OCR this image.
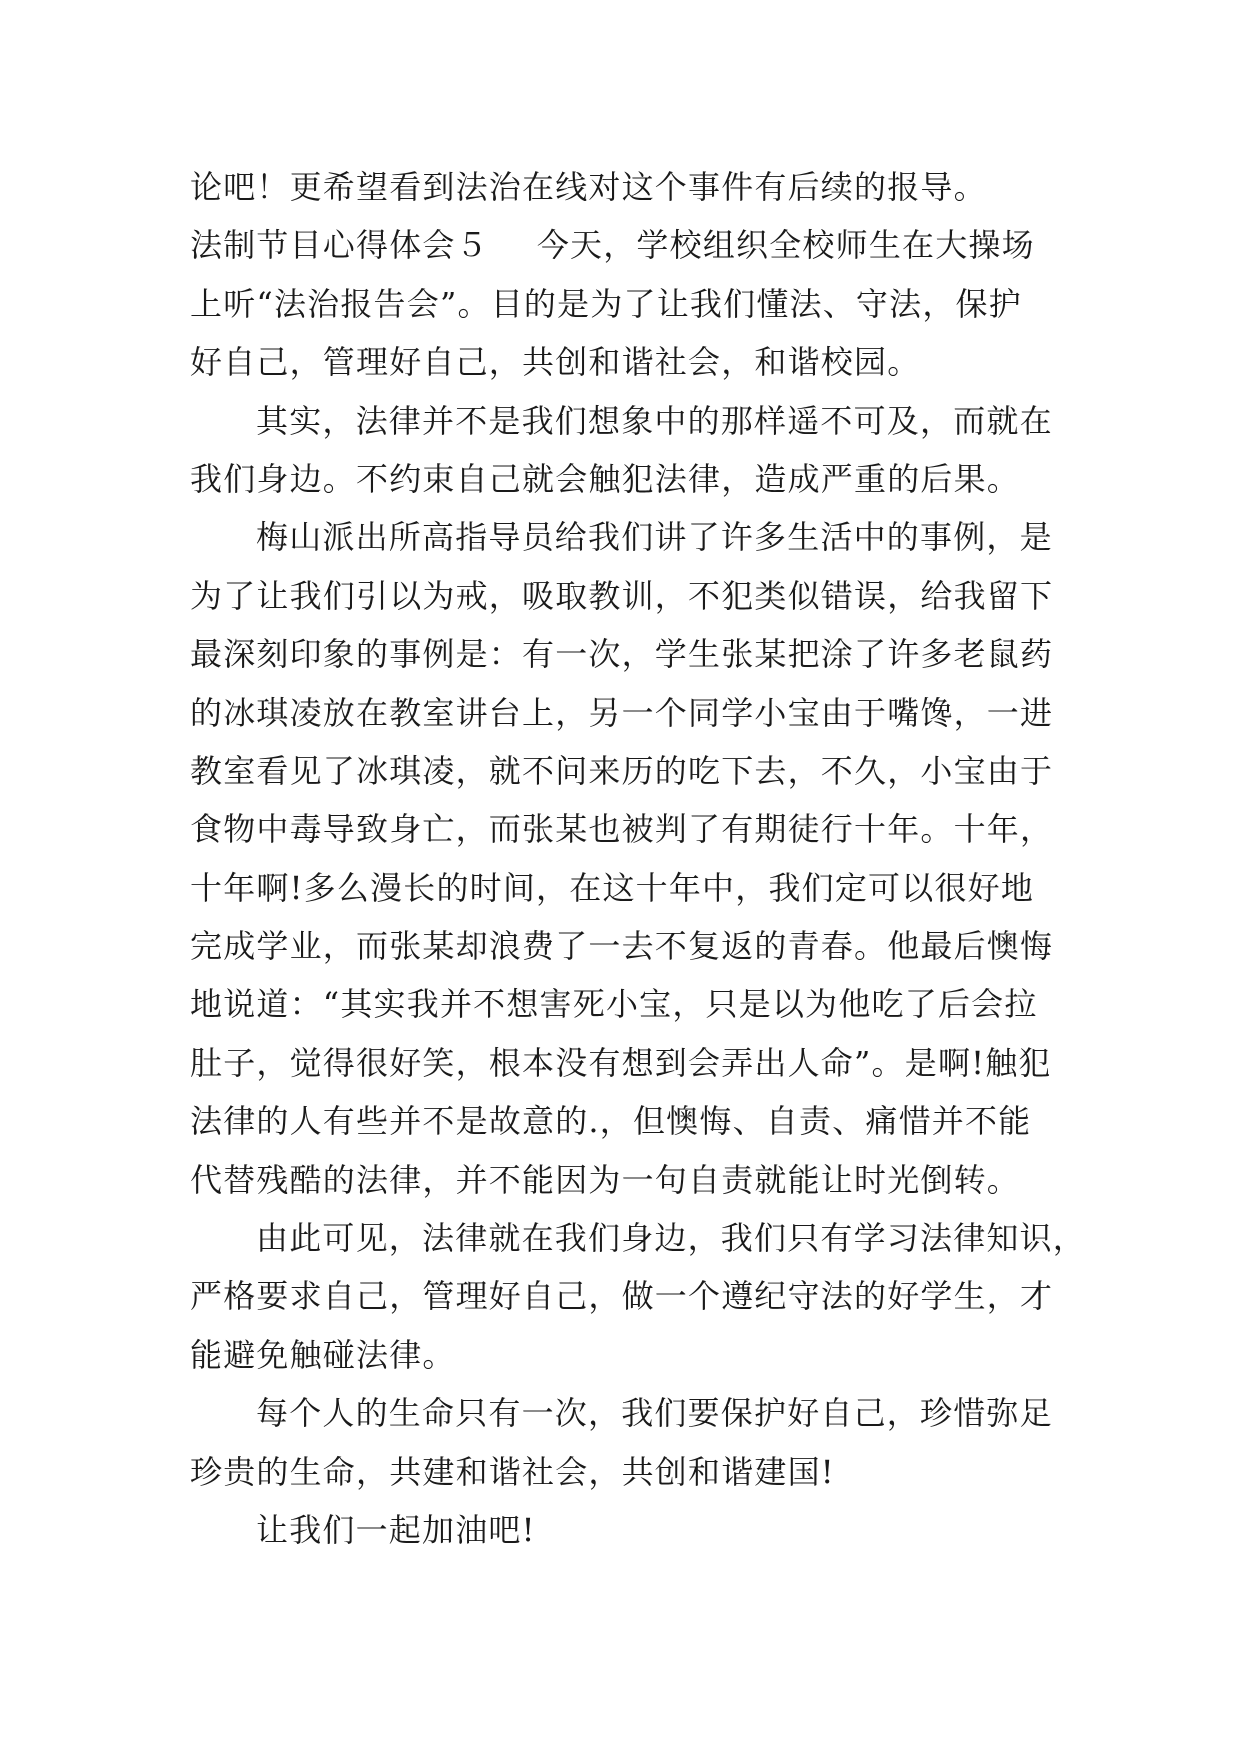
论吧！更希望看到法治在线对这个事件有后续的报导。
法制节目心得体会５ 今天，学校组织全校师生在大操场
上听“法治报告会”。目的是为了让我们懂法、守法，保护
好自己，管理好自己，共创和谐社会，和谐校园。
其实，法律并不是我们想象中的那样遥不可及，而就在
我们身边。不约束自己就会触犯法律，造成严重的后果。
梅山派出所高指导员给我们讲了许多生活中的事例，是
为了让我们引以为戒，吸取教训，不犯类似错误，给我留下
最深刻印象的事例是：有一次，学生张某把涂了许多老鼠药
的冰琪凌放在教室讲台上，另一个同学小宝由于嘴馋，一进
教室看见了冰琪凌，就不问来历的吃下去，不久，小宝由于
食物中毒导致身亡，而张某也被判了有期徒行十年。十年，
十年啊!多么漫长的时间，在这十年中，我们定可以很好地
完成学业，而张某却浪费了一去不复返的青春。他最后懊悔
地说道：“其实我并不想害死小宝，只是以为他吃了后会拉
肚子，觉得很好笑，根本没有想到会弄出人命”。是啊!触犯
法律的人有些并不是故意的.，但懊悔、自责、痛惜并不能
代替残酷的法律，并不能因为一句自责就能让时光倒转。
由此可见，法律就在我们身边，我们只有学习法律知识，
严格要求自己，管理好自己，做一个遵纪守法的好学生，才
能避免触碰法律。
每个人的生命只有一次，我们要保护好自己，珍惜弥足
珍贵的生命，共建和谐社会，共创和谐建国!
让我们一起加油吧!
